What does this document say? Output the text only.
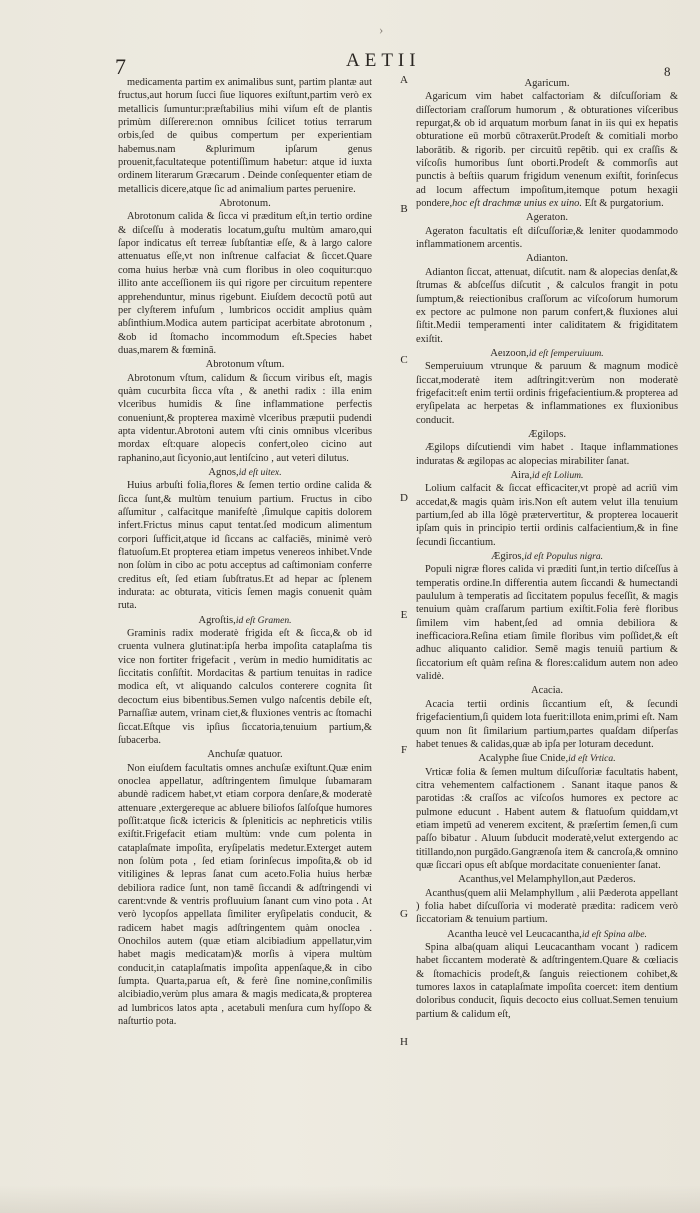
›
7	AETII
8

medicamenta partim ex animalibus sunt, partim plantæ aut fructus,aut horum ſucci ſiue liquores exiſtunt,partim verò ex metallicis ſumuntur:præſtabilius mihi viſum eſt de plantis primùm diſſerere:non omnibus ſcilicet totius terrarum orbis,ſed de quibus compertum per experientiam habemus.nam &plurimum ipſarum genus prouenit,facultateque potentiſſimum habetur: atque id iuxta ordinem literarum Græcarum . Deinde conſequenter etiam de metallicis dicere,atque ſic ad animalium partes peruenire.

Abrotonum.

Abrotonum calida & ſicca vi præditum eſt,in tertio ordine & diſceſſu à moderatis locatum,guſtu multùm amaro,qui ſapor indicatus eſt terreæ ſubſtantiæ eſſe, & à largo calore attenuatus eſſe,vt non inſtrenue calfaciat & ſiccet.Quare coma huius herbæ vnà cum floribus in oleo coquitur:quo illito ante acceſſionem iis qui rigore per circuitum repentere apprehenduntur, minus rigebunt. Eiuſdem decoctū potū aut per clyſterem infuſum , lumbricos occidit amplius quàm abſinthium.Modica autem participat acerbitate abrotonum , &ob id ſtomacho incommodum eſt.Species habet duas,marem & fœminã.

Abrotonum vſtum.

Abrotonum vſtum, calidum & ſiccum viribus eſt, magis quàm cucurbita ſicca vſta , & anethi radix : illa enim vlceribus humidis & ſine inflammatione perfectis conueniunt,& propterea maximè vlceribus præputii pudendi apta videntur.Abrotoni autem vſti cinis omnibus vlceribus mordax eſt:quare alopecis confert,oleo cicino aut raphanino,aut ſicyonio,aut lentiſcino , aut veteri dilutus.

Agnos,id eſt uitex.

Huius arbuſti folia,flores & ſemen tertio ordine calida & ſicca ſunt,& multùm tenuium partium. Fructus in cibo aſſumitur , calfacitque manifeſtè ,ſimulque capitis dolorem infert.Frictus minus caput tentat.ſed modicum alimentum corpori ſufficit,atque id ſiccans ac calfaciēs, minimè verò flatuoſum.Et propterea etiam impetus venereos inhibet.Vnde non ſolùm in cibo ac potu acceptus ad caſtimoniam conferre creditus eſt, ſed etiam ſubſtratus.Et ad hepar ac ſplenem indurata: ac obturata, viticis ſemen magis conuenit quàm ruta.

Agroſtis,id eſt Gramen.

Graminis radix moderatè frigida eſt & ſicca,& ob id cruenta vulnera glutinat:ipſa herba impoſita cataplaſma tis vice non fortiter frigefacit , verùm in medio humiditatis ac ſiccitatis conſiſtit. Mordacitas & partium tenuitas in radice modica eſt, vt aliquando calculos conterere cognita ſit decoctum eius bibentibus.Semen vulgo naſcentis debile eſt, Parnaſſiæ autem, vrinam ciet,& fluxiones ventris ac ſtomachi ſiccat.Eſtque vis ipſius ſiccatoria,tenuium partium,& ſubacerba.

Anchuſæ quatuor.

Non eiuſdem facultatis omnes anchuſæ exiſtunt.Quæ enim onoclea appellatur, adſtringentem ſimulque ſubamaram abundè radicem habet,vt etiam corpora denſare,& moderatè attenuare ,extergereque ac abluere biliofos ſalſoſque humores poſſit:atque ſic& ictericis & ſpleniticis ac nephreticis vtilis exiſtit.Frigefacit etiam multùm: vnde cum polenta in cataplaſmate impoſita, eryſipelatis medetur.Exterget autem non ſolùm pota , ſed etiam ſorinſecus impoſita,& ob id vitiligines & lepras ſanat cum aceto.Folia huius herbæ debiliora radice ſunt, non tamē ſiccandi & adſtringendi vi carent:vnde & ventris profluuium ſanant cum vino pota . At verò lycopſos appellata ſimiliter eryſipelatis conducit, & radicem habet magis adſtringentem quàm onoclea . Onochilos autem (quæ etiam alcibiadium appellatur,vim habet magis medicatam)& morſis à vipera multùm conducit,in cataplaſmatis impoſita appenſaque,& in cibo ſumpta. Quarta,parua eſt, & ferè ſine nomine,conſimilis alcibiadio,verùm plus amara & magis medicata,& propterea ad lumbricos latos apta , acetabuli menſura cum hyſſopo & naſturtio pota.

Agaricum.

Agaricum vim habet calfactoriam & diſcuſſoriam & diſſectoriam craſſorum humorum , & obturationes viſceribus repurgat,& ob id arquatum morbum ſanat in iis qui ex hepatis obturatione eū morbū cōtraxerūt.Prodeſt & comitiali morbo laborātib. & rigorib. per circuitū repētib. qui ex craſſis & viſcoſis humoribus ſunt oborti.Prodeſt & commorſis aut punctis à beſtiis quarum frigidum venenum exiſtit, forinſecus ad locum affectum impoſitum,itemque potum hexagii pondere,hoc eſt drachmæ unius ex uino. Eſt & purgatorium.

Ageraton.

Ageraton facultatis eſt diſcuſſoriæ,& leniter quodammodo inflammationem arcentis.

Adianton.

Adianton ſiccat, attenuat, diſcutit. nam & alopecias denſat,& ſtrumas & abſceſſus diſcutit , & calculos frangit in potu ſumptum,& reiectionibus craſſorum ac viſcoſorum humorum ex pectore ac pulmone non parum confert,& fluxiones alui ſiſtit.Medii temperamenti inter caliditatem & frigiditatem exiſtit.

Aeızoon,id eſt ſemperuiuum.

Semperuiuum vtrunque & paruum & magnum modicè ſiccat,moderatè item adſtringit:verùm non moderatè frigefacit:eſt enim tertii ordinis frigefacientium.& propterea ad eryſipelata ac herpetas & inflammationes ex fluxionibus conducit.

Ægilops.

Ægilops diſcutiendi vim habet . Itaque inflammationes induratas & ægilopas ac alopecias mirabiliter ſanat.

Aira,id eſt Lolium.

Lolium calfacit & ſiccat efficaciter,vt propè ad acriū vim accedat,& magis quàm iris.Non eſt autem velut illa tenuium partium,ſed ab illa lōgè prætervertitur, & propterea locauerit ipſam quis in principio tertii ordinis calfacientium,& in fine ſecundi ſiccantium.

Ægiros,id eſt Populus nigra.

Populi nigræ flores calida vi præditi ſunt,in tertio diſceſſus à temperatis ordine.In differentia autem ſiccandi & humectandi paululum à temperatis ad ſiccitatem populus feceſſit, & magis tenuium quàm craſſarum partium exiſtit.Folia ferè floribus ſimilem vim habent,ſed ad omnia debiliora & inefficaciora.Reſina etiam ſimile floribus vim poſſidet,& eſt adhuc aliquanto calidior. Semē magis tenuiū partium & ſiccatorium eſt quàm reſina & flores:calidum autem non adeo validè.

Acacia.

Acacia tertii ordinis ſiccantium eſt, & ſecundi frigefacientium,ſi quidem lota fuerit:illota enim,primi eſt. Nam quum non ſit ſimilarium partium,partes quaſdam diſperſas habet tenues & calidas,quæ ab ipſa per loturam decedunt.

Acalyphe ſiue Cnide,id eſt Vrtica.

Vrticæ folia & ſemen multum diſcuſſoriæ facultatis habent, citra vehementem calfactionem . Sanant itaque panos & parotidas :& craſſos ac viſcoſos humores ex pectore ac pulmone educunt . Habent autem & flatuoſum quiddam,vt etiam impetū ad venerem excitent, & præſertim ſemen,ſi cum paſſo bibatur . Aluum ſubducit moderatè,velut extergendo ac titillando,non purgādo.Gangrænoſa item & cancroſa,& omnino quæ ſiccari opus eſt abſque mordacitate conuenienter ſanat.

Acanthus,vel Melamphyllon,aut Pæderos.

Acanthus(quem alii Melamphyllum , alii Pæderota appellant ) folia habet diſcuſſoria vi moderatè prædita: radicem verò ſiccatoriam & tenuium partium.

Acantha leucè vel Leucacantha,id eſt Spina albe.

Spina alba(quam aliqui Leucacantham vocant ) radicem habet ſiccantem moderatè & adſtringentem.Quare & cœliacis & ſtomachicis prodeſt,& ſanguis reiectionem cohibet,& tumores laxos in cataplaſmate impoſita coercet: item dentium doloribus conducit, ſiquis decocto eius colluat.Semen tenuium partium & calidum eſt,

A
B
C
D
E
F
G
H
